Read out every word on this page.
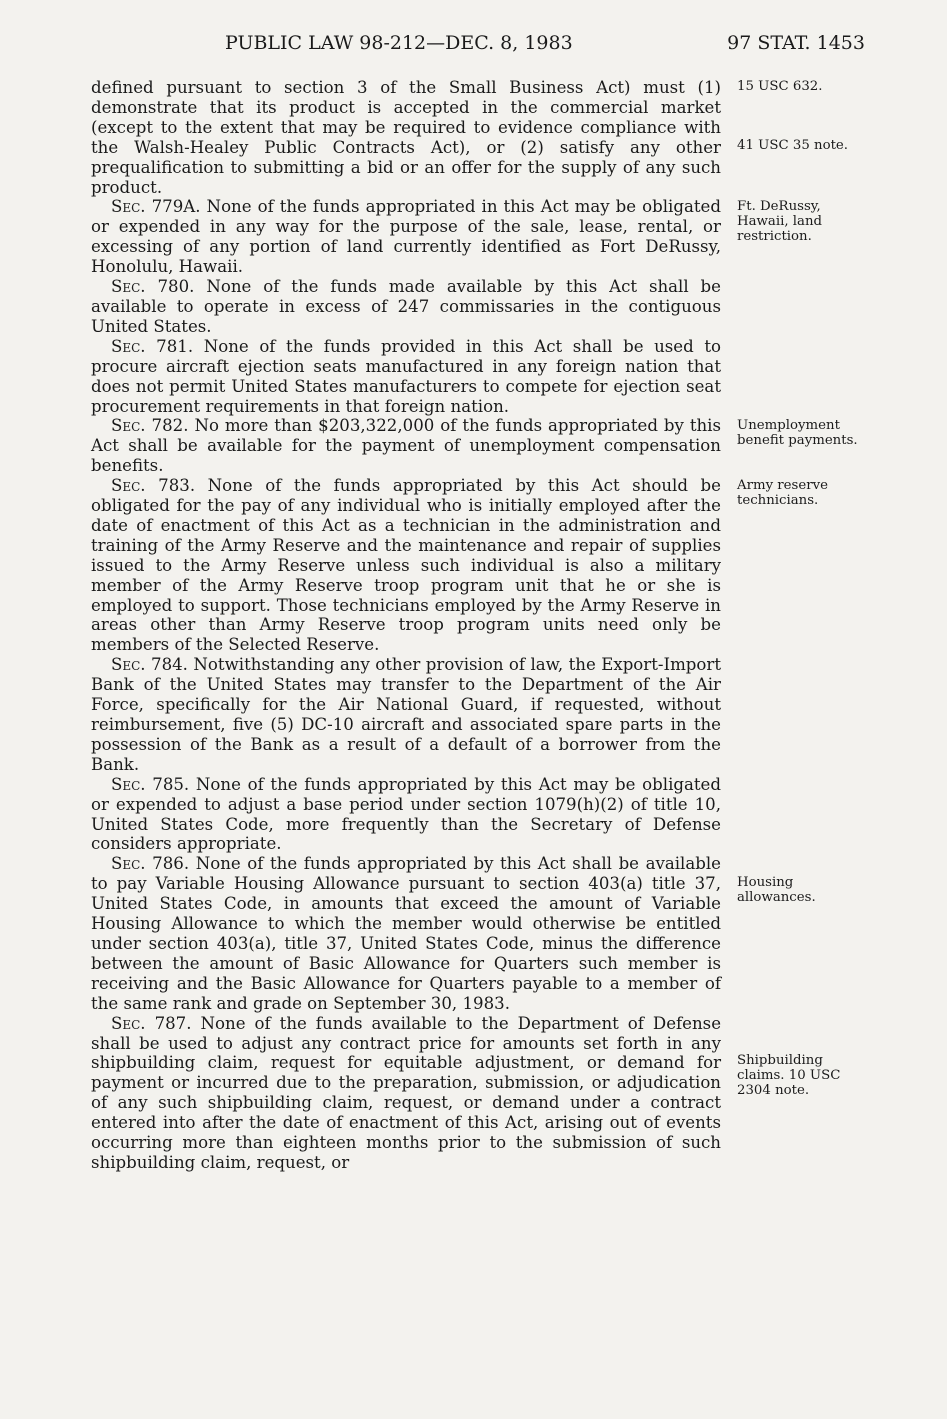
PUBLIC LAW 98-212—DEC. 8, 1983	97 STAT. 1453

defined pursuant to section 3 of the Small Business Act) must (1) demonstrate that its product is accepted in the commercial market (except to the extent that may be required to evidence compliance with the Walsh-Healey Public Contracts Act), or (2) satisfy any other prequalification to submitting a bid or an offer for the supply of any such product.

Sec. 779A. None of the funds appropriated in this Act may be obligated or expended in any way for the purpose of the sale, lease, rental, or excessing of any portion of land currently identified as Fort DeRussy, Honolulu, Hawaii.

Sec. 780. None of the funds made available by this Act shall be available to operate in excess of 247 commissaries in the contiguous United States.

Sec. 781. None of the funds provided in this Act shall be used to procure aircraft ejection seats manufactured in any foreign nation that does not permit United States manufacturers to compete for ejection seat procurement requirements in that foreign nation.

Sec. 782. No more than $203,322,000 of the funds appropriated by this Act shall be available for the payment of unemployment compensation benefits.

Sec. 783. None of the funds appropriated by this Act should be obligated for the pay of any individual who is initially employed after the date of enactment of this Act as a technician in the administration and training of the Army Reserve and the maintenance and repair of supplies issued to the Army Reserve unless such individual is also a military member of the Army Reserve troop program unit that he or she is employed to support. Those technicians employed by the Army Reserve in areas other than Army Reserve troop program units need only be members of the Selected Reserve.

Sec. 784. Notwithstanding any other provision of law, the Export-Import Bank of the United States may transfer to the Department of the Air Force, specifically for the Air National Guard, if requested, without reimbursement, five (5) DC-10 aircraft and associated spare parts in the possession of the Bank as a result of a default of a borrower from the Bank.

Sec. 785. None of the funds appropriated by this Act may be obligated or expended to adjust a base period under section 1079(h)(2) of title 10, United States Code, more frequently than the Secretary of Defense considers appropriate.

Sec. 786. None of the funds appropriated by this Act shall be available to pay Variable Housing Allowance pursuant to section 403(a) title 37, United States Code, in amounts that exceed the amount of Variable Housing Allowance to which the member would otherwise be entitled under section 403(a), title 37, United States Code, minus the difference between the amount of Basic Allowance for Quarters such member is receiving and the Basic Allowance for Quarters payable to a member of the same rank and grade on September 30, 1983.

Sec. 787. None of the funds available to the Department of Defense shall be used to adjust any contract price for amounts set forth in any shipbuilding claim, request for equitable adjustment, or demand for payment or incurred due to the preparation, submission, or adjudication of any such shipbuilding claim, request, or demand under a contract entered into after the date of enactment of this Act, arising out of events occurring more than eighteen months prior to the submission of such shipbuilding claim, request, or

15 USC 632.
41 USC 35 note.
Ft. DeRussy, Hawaii, land restriction.
Unemployment benefit payments.
Army reserve technicians.
Housing allowances.
Shipbuilding claims. 10 USC 2304 note.
